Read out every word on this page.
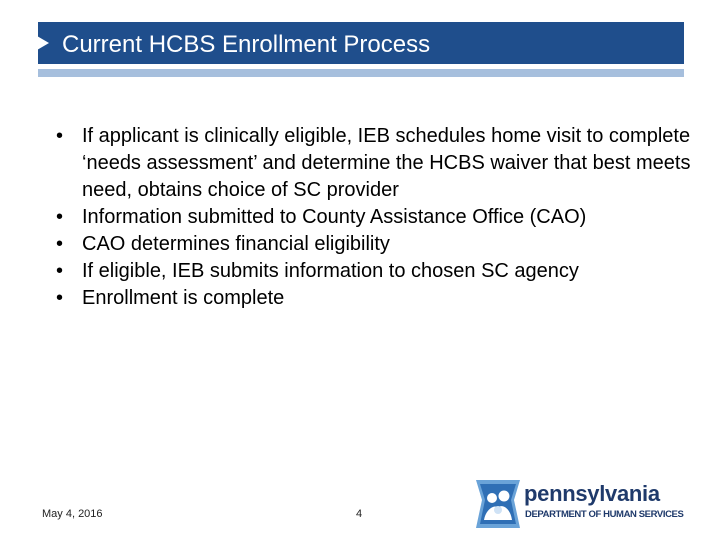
Current HCBS Enrollment Process
• If applicant is clinically eligible, IEB schedules home visit to complete ‘needs assessment’ and determine the HCBS waiver that best meets need, obtains choice of SC provider
• Information submitted to County Assistance Office (CAO)
• CAO determines financial eligibility
• If eligible, IEB submits information to chosen SC agency
• Enrollment is complete
May 4, 2016	4
pennsylvania
DEPARTMENT OF HUMAN SERVICES
